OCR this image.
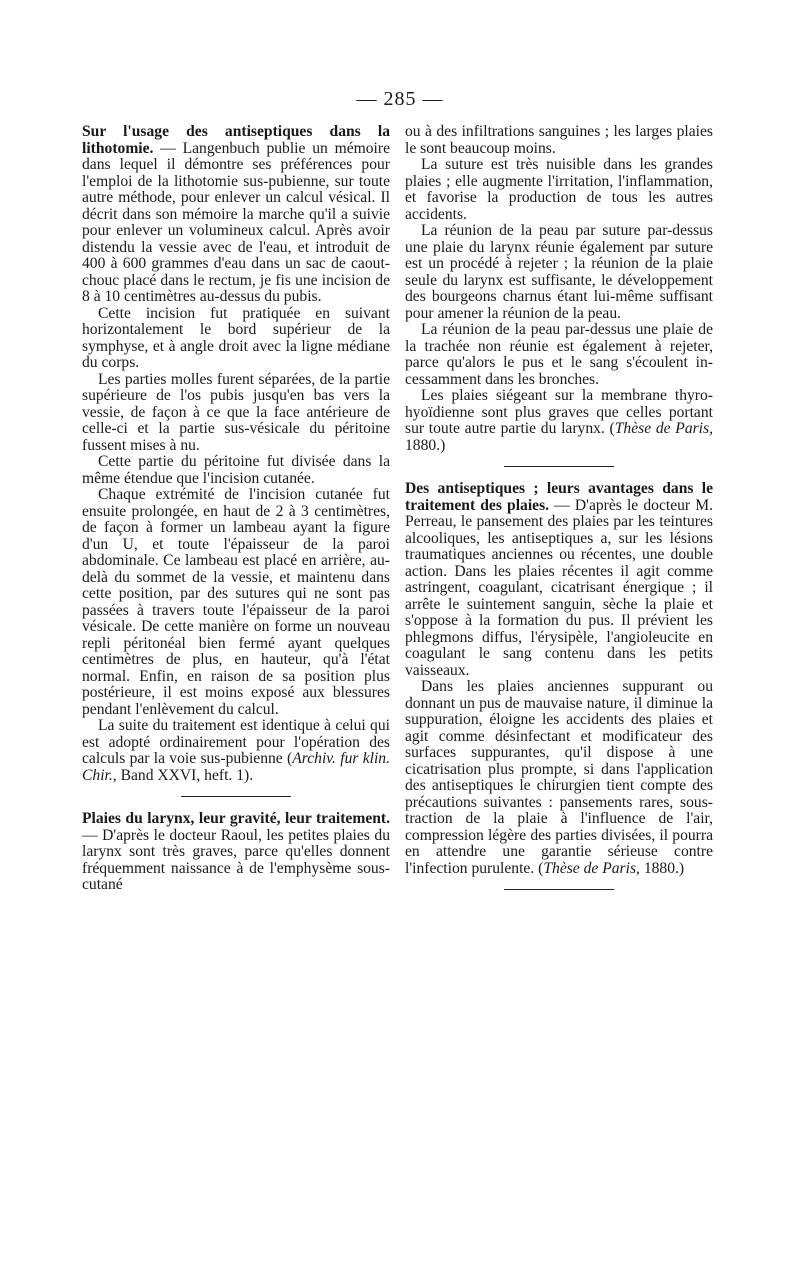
— 285 —

Sur l'usage des antiseptiques dans la lithotomie. — Langenbuch publie un mémoire dans lequel il démontre ses préférences pour l'emploi de la lithotomie sus-pubienne, sur toute autre méthode, pour enlever un calcul vésical. Il décrit dans son mémoire la marche qu'il a suivie pour enlever un volumineux calcul. Après avoir distendu la vessie avec de l'eau, et introduit de 400 à 600 grammes d'eau dans un sac de caoutchouc placé dans le rectum, je fis une incision de 8 à 10 centimètres au-dessus du pubis.

Cette incision fut pratiquée en suivant horizontalement le bord supérieur de la symphyse, et à angle droit avec la ligne médiane du corps.

Les parties molles furent séparées, de la partie supérieure de l'os pubis jusqu'en bas vers la vessie, de façon à ce que la face antérieure de celle-ci et la partie sus-vésicale du péritoine fussent mises à nu.

Cette partie du péritoine fut divisée dans la même étendue que l'incision cutanée.

Chaque extrémité de l'incision cutanée fut ensuite prolongée, en haut de 2 à 3 centimètres, de façon à former un lambeau ayant la figure d'un U, et toute l'épaisseur de la paroi abdominale. Ce lambeau est placé en arrière, au-delà du sommet de la vessie, et maintenu dans cette position, par des sutures qui ne sont pas passées à travers toute l'épaisseur de la paroi vésicale. De cette manière on forme un nouveau repli péritonéal bien fermé ayant quelques centimètres de plus, en hauteur, qu'à l'état normal. Enfin, en raison de sa position plus postérieure, il est moins exposé aux blessures pendant l'enlèvement du calcul.

La suite du traitement est identique à celui qui est adopté ordinairement pour l'opération des calculs par la voie sus-pubienne (Archiv. fur klin. Chir., Band XXVI, heft. 1).

Plaies du larynx, leur gravité, leur traitement. — D'après le docteur Raoul, les petites plaies du larynx sont très graves, parce qu'elles donnent fréquemment naissance à de l'emphysème sous-cutané

ou à des infiltrations sanguines ; les larges plaies le sont beaucoup moins.

La suture est très nuisible dans les grandes plaies ; elle augmente l'irritation, l'inflammation, et favorise la production de tous les autres accidents.

La réunion de la peau par suture par-dessus une plaie du larynx réunie également par suture est un procédé à rejeter ; la réunion de la plaie seule du larynx est suffisante, le développement des bourgeons charnus étant lui-même suffisant pour amener la réunion de la peau.

La réunion de la peau par-dessus une plaie de la trachée non réunie est également à rejeter, parce qu'alors le pus et le sang s'écoulent incessamment dans les bronches.

Les plaies siégeant sur la membrane thyro-hyoïdienne sont plus graves que celles portant sur toute autre partie du larynx. (Thèse de Paris, 1880.)

Des antiseptiques ; leurs avantages dans le traitement des plaies. — D'après le docteur M. Perreau, le pansement des plaies par les teintures alcooliques, les antiseptiques a, sur les lésions traumatiques anciennes ou récentes, une double action. Dans les plaies récentes il agit comme astringent, coagulant, cicatrisant énergique ; il arrête le suintement sanguin, sèche la plaie et s'oppose à la formation du pus. Il prévient les phlegmons diffus, l'érysipèle, l'angioleucite en coagulant le sang contenu dans les petits vaisseaux.

Dans les plaies anciennes suppurant ou donnant un pus de mauvaise nature, il diminue la suppuration, éloigne les accidents des plaies et agit comme désinfectant et modificateur des surfaces suppurantes, qu'il dispose à une cicatrisation plus prompte, si dans l'application des antiseptiques le chirurgien tient compte des précautions suivantes : pansements rares, soustraction de la plaie à l'influence de l'air, compression légère des parties divisées, il pourra en attendre une garantie sérieuse contre l'infection purulente. (Thèse de Paris, 1880.)
